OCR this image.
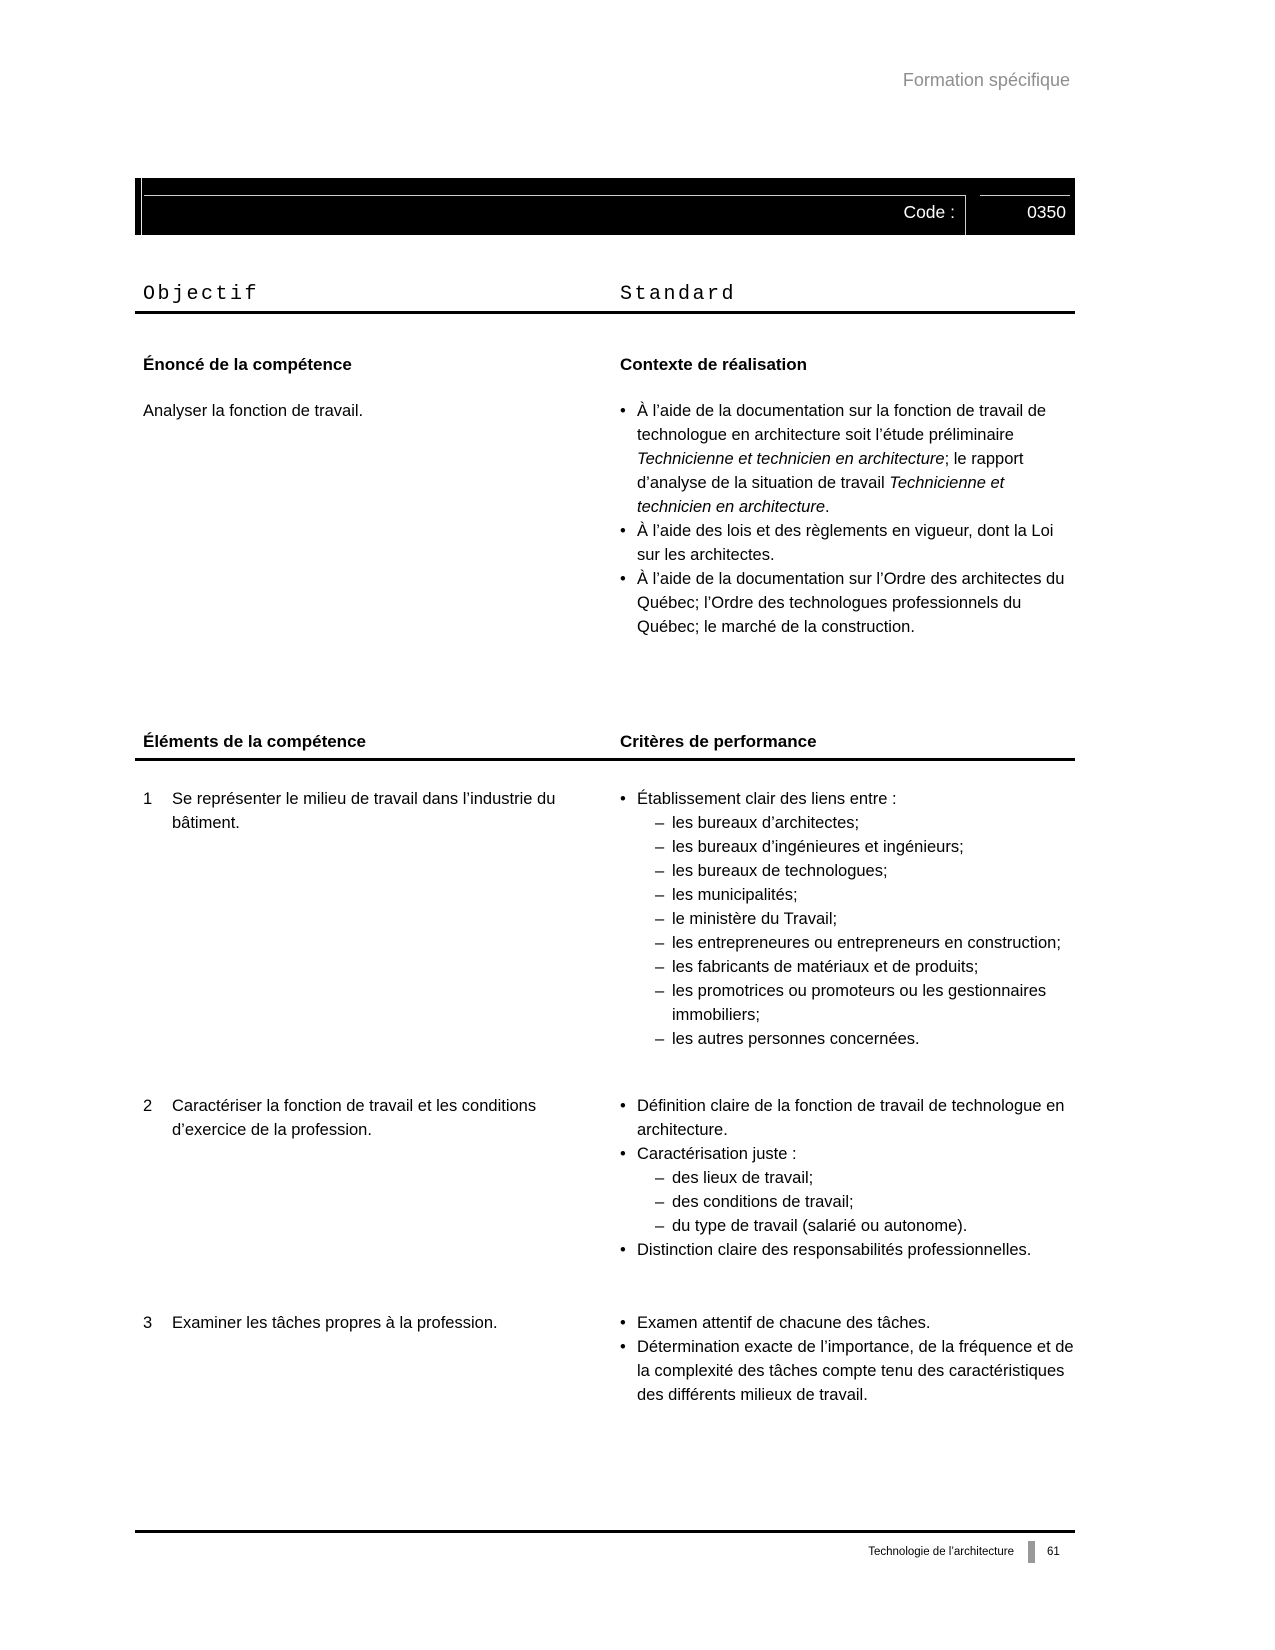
Formation spécifique
Code :	0350
Objectif	Standard
Énoncé de la compétence	Contexte de réalisation
Analyser la fonction de travail.	• À l’aide de la documentation sur la fonction de travail de technologue en architecture soit l’étude préliminaire Technicienne et technicien en architecture; le rapport d’analyse de la situation de travail Technicienne et technicien en architecture.
• À l’aide des lois et des règlements en vigueur, dont la Loi sur les architectes.
• À l’aide de la documentation sur l’Ordre des architectes du Québec; l’Ordre des technologues professionnels du Québec; le marché de la construction.
Éléments de la compétence	Critères de performance
1	Se représenter le milieu de travail dans l’industrie du bâtiment.
• Établissement clair des liens entre :
– les bureaux d’architectes;
– les bureaux d’ingénieures et ingénieurs;
– les bureaux de technologues;
– les municipalités;
– le ministère du Travail;
– les entrepreneures ou entrepreneurs en construction;
– les fabricants de matériaux et de produits;
– les promotrices ou promoteurs ou les gestionnaires immobiliers;
– les autres personnes concernées.
2	Caractériser la fonction de travail et les conditions d’exercice de la profession.
• Définition claire de la fonction de travail de technologue en architecture.
• Caractérisation juste :
– des lieux de travail;
– des conditions de travail;
– du type de travail (salarié ou autonome).
• Distinction claire des responsabilités professionnelles.
3	Examiner les tâches propres à la profession.	• Examen attentif de chacune des tâches.
• Détermination exacte de l’importance, de la fréquence et de la complexité des tâches compte tenu des caractéristiques des différents milieux de travail.
Technologie de l’architecture	61
